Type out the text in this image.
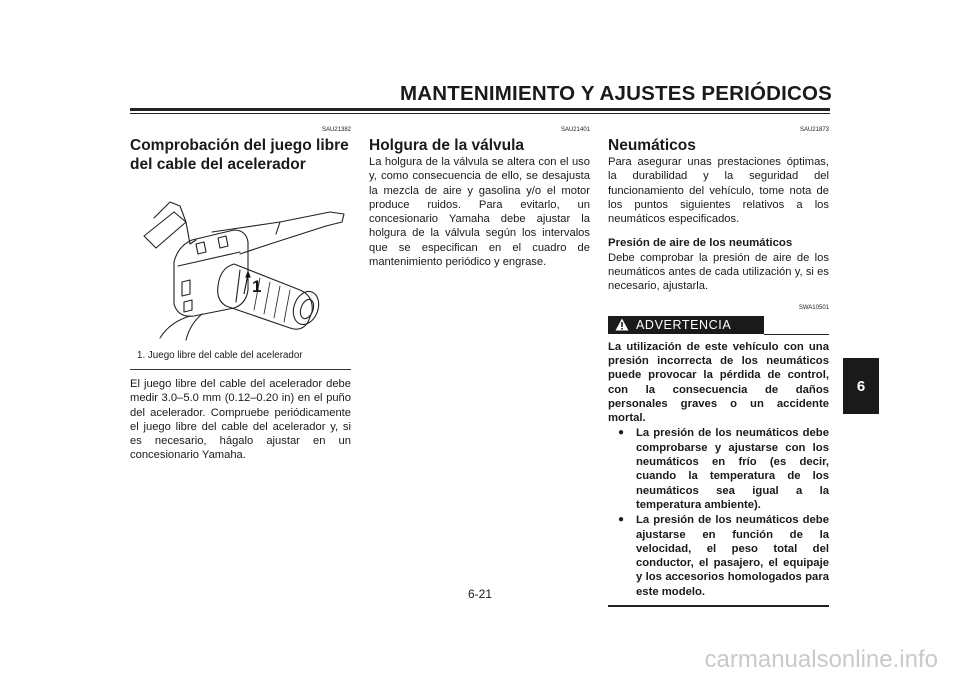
MANTENIMIENTO Y AJUSTES PERIÓDICOS
6
SAU21382
Comprobación del juego libre del cable del acelerador
1
1. Juego libre del cable del acelerador
El juego libre del cable del acelerador debe medir 3.0–5.0 mm (0.12–0.20 in) en el puño del acelerador. Compruebe periódicamente el juego libre del cable del acelerador y, si es necesario, hágalo ajustar en un concesionario Yamaha.
SAU21401
Holgura de la válvula
La holgura de la válvula se altera con el uso y, como consecuencia de ello, se desajusta la mezcla de aire y gasolina y/o el motor produce ruidos. Para evitarlo, un concesionario Yamaha debe ajustar la holgura de la válvula según los intervalos que se especifican en el cuadro de mantenimiento periódico y engrase.
SAU21873
Neumáticos
Para asegurar unas prestaciones óptimas, la durabilidad y la seguridad del funcionamiento del vehículo, tome nota de los puntos siguientes relativos a los neumáticos especificados.
Presión de aire de los neumáticos
Debe comprobar la presión de aire de los neumáticos antes de cada utilización y, si es necesario, ajustarla.
SWA10501
ADVERTENCIA
La utilización de este vehículo con una presión incorrecta de los neumáticos puede provocar la pérdida de control, con la consecuencia de daños personales graves o un accidente mortal.
●	La presión de los neumáticos debe comprobarse y ajustarse con los neumáticos en frío (es decir, cuando la temperatura de los neumáticos sea igual a la temperatura ambiente).
●	La presión de los neumáticos debe ajustarse en función de la velocidad, el peso total del conductor, el pasajero, el equipaje y los accesorios homologados para este modelo.
6-21
carmanualsonline.info
